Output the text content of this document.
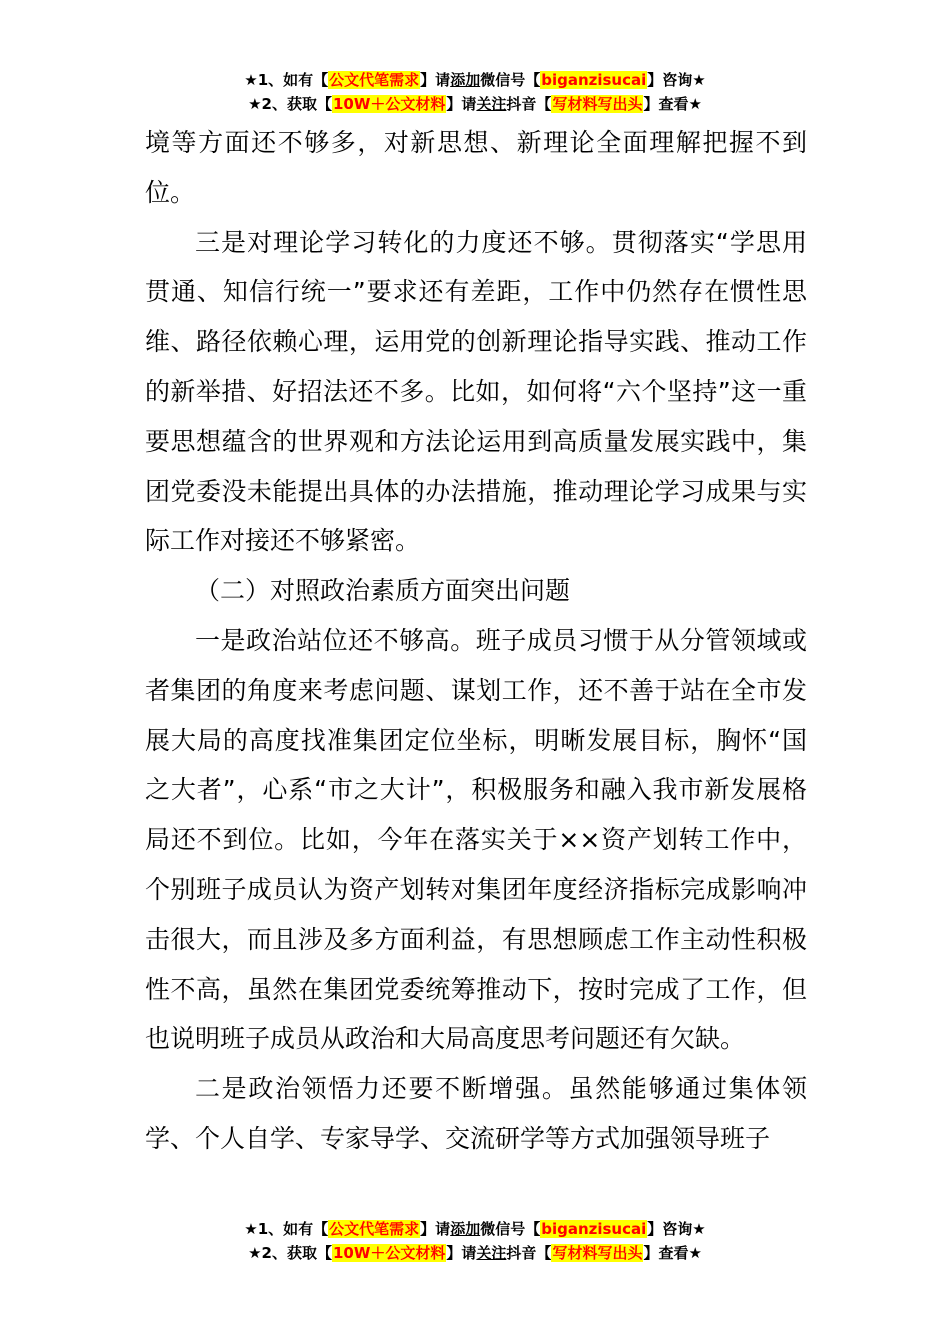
★1、如有【公文代笔需求】请添加微信号【biganzisucai】咨询★
★2、获取【10W＋公文材料】请关注抖音【写材料写出头】查看★

境等方面还不够多，对新思想、新理论全面理解把握不到位。

三是对理论学习转化的力度还不够。贯彻落实“学思用贯通、知信行统一”要求还有差距，工作中仍然存在惯性思维、路径依赖心理，运用党的创新理论指导实践、推动工作的新举措、好招法还不多。比如，如何将“六个坚持”这一重要思想蕴含的世界观和方法论运用到高质量发展实践中，集团党委没未能提出具体的办法措施，推动理论学习成果与实际工作对接还不够紧密。

（二）对照政治素质方面突出问题

一是政治站位还不够高。班子成员习惯于从分管领域或者集团的角度来考虑问题、谋划工作，还不善于站在全市发展大局的高度找准集团定位坐标，明晰发展目标，胸怀“国之大者”，心系“市之大计”，积极服务和融入我市新发展格局还不到位。比如，今年在落实关于××资产划转工作中，个别班子成员认为资产划转对集团年度经济指标完成影响冲击很大，而且涉及多方面利益，有思想顾虑工作主动性积极性不高，虽然在集团党委统筹推动下，按时完成了工作，但也说明班子成员从政治和大局高度思考问题还有欠缺。

二是政治领悟力还要不断增强。虽然能够通过集体领学、个人自学、专家导学、交流研学等方式加强领导班子

★1、如有【公文代笔需求】请添加微信号【biganzisucai】咨询★
★2、获取【10W＋公文材料】请关注抖音【写材料写出头】查看★
